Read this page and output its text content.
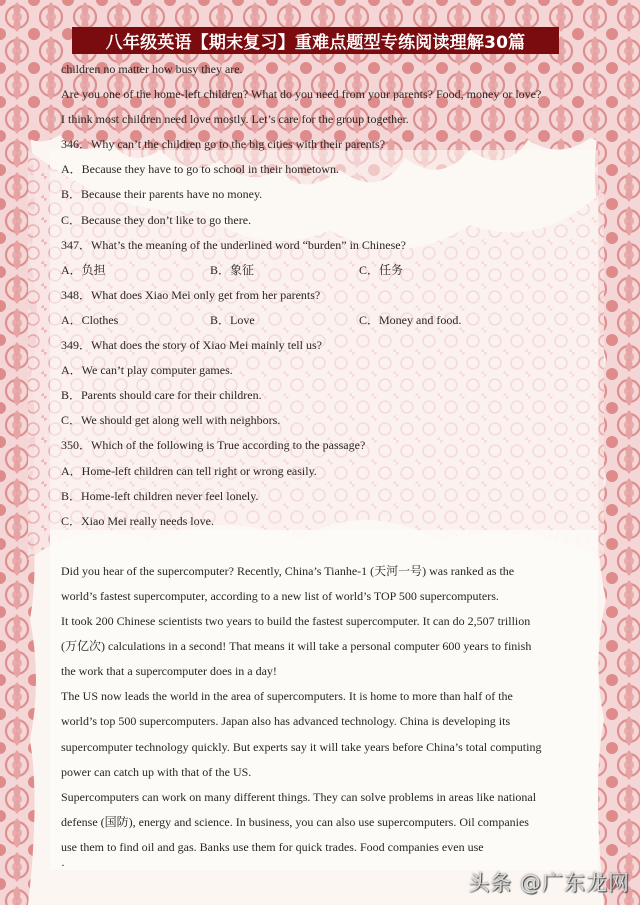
八年级英语【期末复习】重难点题型专练阅读理解30篇
children no matter how busy they are.
Are you one of the home-left children? What do you need from your parents? Food, money or love?
I think most children need love mostly. Let’s care for the group together.
346．Why can’t the children go to the big cities with their parents?
A．Because they have to go to school in their hometown.
B．Because their parents have no money.
C．Because they don’t like to go there.
347．What’s the meaning of the underlined word “burden” in Chinese?
A．负担	B．象征	C．任务
348．What does Xiao Mei only get from her parents?
A．Clothes	B．Love	C．Money and food.
349．What does the story of Xiao Mei mainly tell us?
A．We can’t play computer games.
B．Parents should care for their children.
C．We should get along well with neighbors.
350．Which of the following is True according to the passage?
A．Home-left children can tell right or wrong easily.
B．Home-left children never feel lonely.
C．Xiao Mei really needs love.
Did you hear of the supercomputer? Recently, China’s Tianhe-1 (天河一号) was ranked as the
world’s fastest supercomputer, according to a new list of world’s TOP 500 supercomputers.
It took 200 Chinese scientists two years to build the fastest supercomputer. It can do 2,507 trillion
(万亿次) calculations in a second! That means it will take a personal computer 600 years to finish
the work that a supercomputer does in a day!
The US now leads the world in the area of supercomputers. It is home to more than half of the
world’s top 500 supercomputers. Japan also has advanced technology. China is developing its
supercomputer technology quickly. But experts say it will take years before China’s total computing
power can catch up with that of the US.
Supercomputers can work on many different things. They can solve problems in areas like national
defense (国防), energy and science. In business, you can also use supercomputers. Oil companies
use them to find oil and gas. Banks use them for quick trades. Food companies even use
·
头条 @广东龙网
